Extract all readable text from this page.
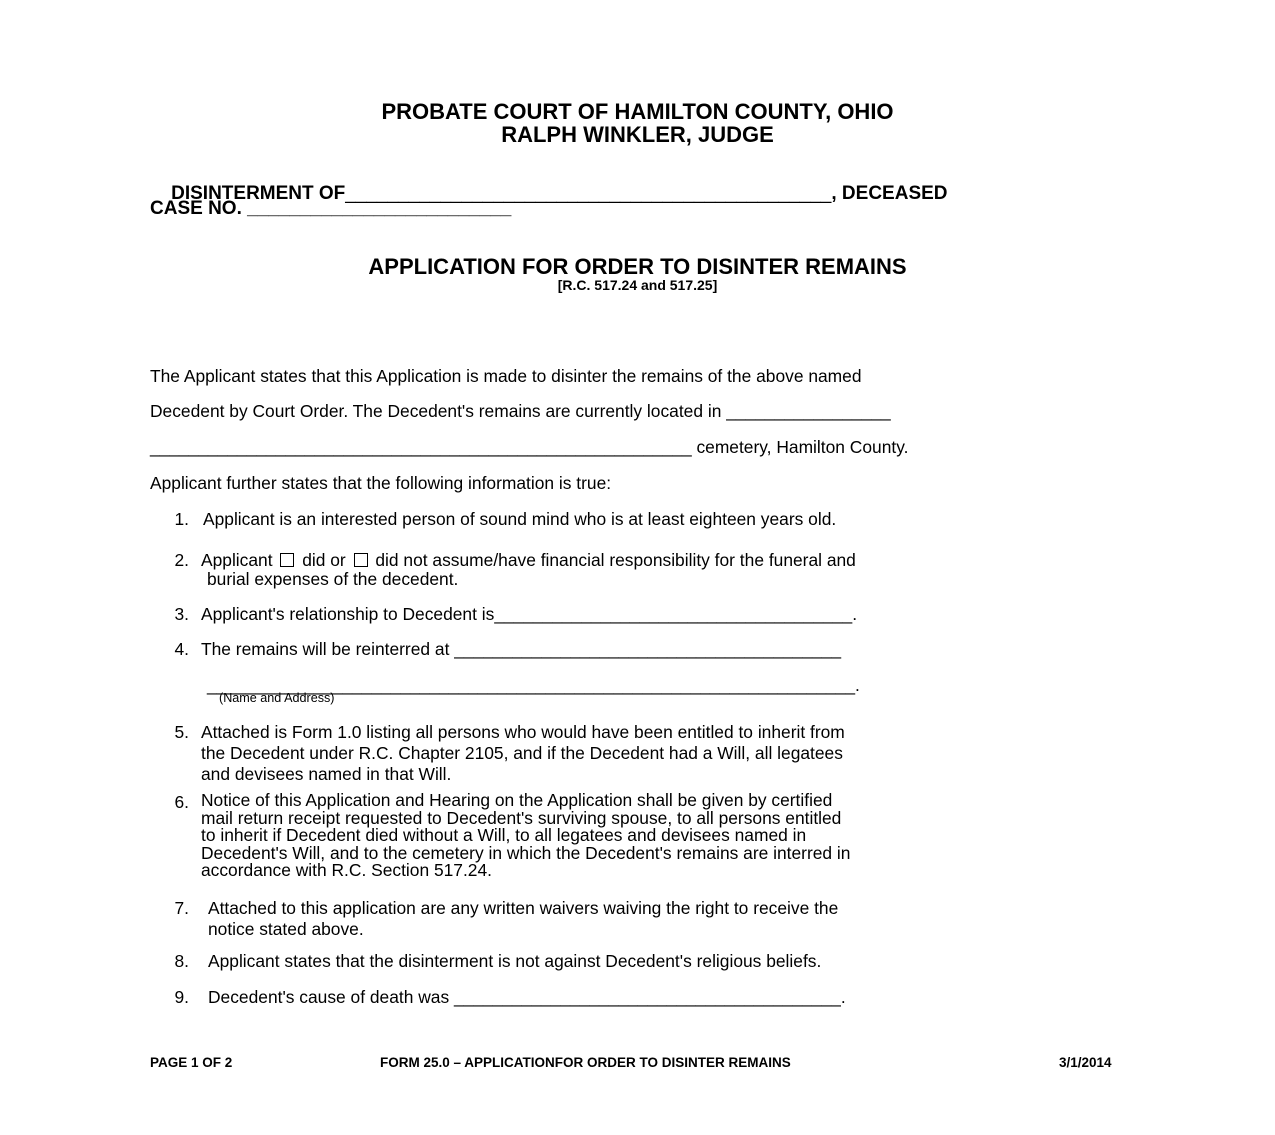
PROBATE COURT OF HAMILTON COUNTY, OHIO
RALPH WINKLER, JUDGE

DISINTERMENT OF______________________________________________, DECEASED

CASE NO. _________________________
APPLICATION FOR ORDER TO DISINTER REMAINS
[R.C. 517.24 and 517.25]
The Applicant states that this Application is made to disinter the remains of the above named
Decedent by Court Order. The Decedent's remains are currently located in _________________
________________________________________________________ cemetery, Hamilton County.
Applicant further states that the following information is true:
1. Applicant is an interested person of sound mind who is at least eighteen years old.
2. Applicant  did or  did not assume/have financial responsibility for the funeral and
burial expenses of the decedent.
3. Applicant's relationship to Decedent is_____________________________________.
4. The remains will be reinterred at ________________________________________
___________________________________________________________________.
(Name and Address)
5. Attached is Form 1.0 listing all persons who would have been entitled to inherit from
the Decedent under R.C. Chapter 2105, and if the Decedent had a Will, all legatees
and devisees named in that Will.
6. Notice of this Application and Hearing on the Application shall be given by certified
mail return receipt requested to Decedent's surviving spouse, to all persons entitled
to inherit if Decedent died without a Will, to all legatees and devisees named in
Decedent's Will, and to the cemetery in which the Decedent's remains are interred in
accordance with R.C. Section 517.24.
7. Attached to this application are any written waivers waiving the right to receive the
notice stated above.
8. Applicant states that the disinterment is not against Decedent's religious beliefs.
9. Decedent's cause of death was ________________________________________.
PAGE 1 OF 2	FORM 25.0 – APPLICATIONFOR ORDER TO DISINTER REMAINS	3/1/2014
